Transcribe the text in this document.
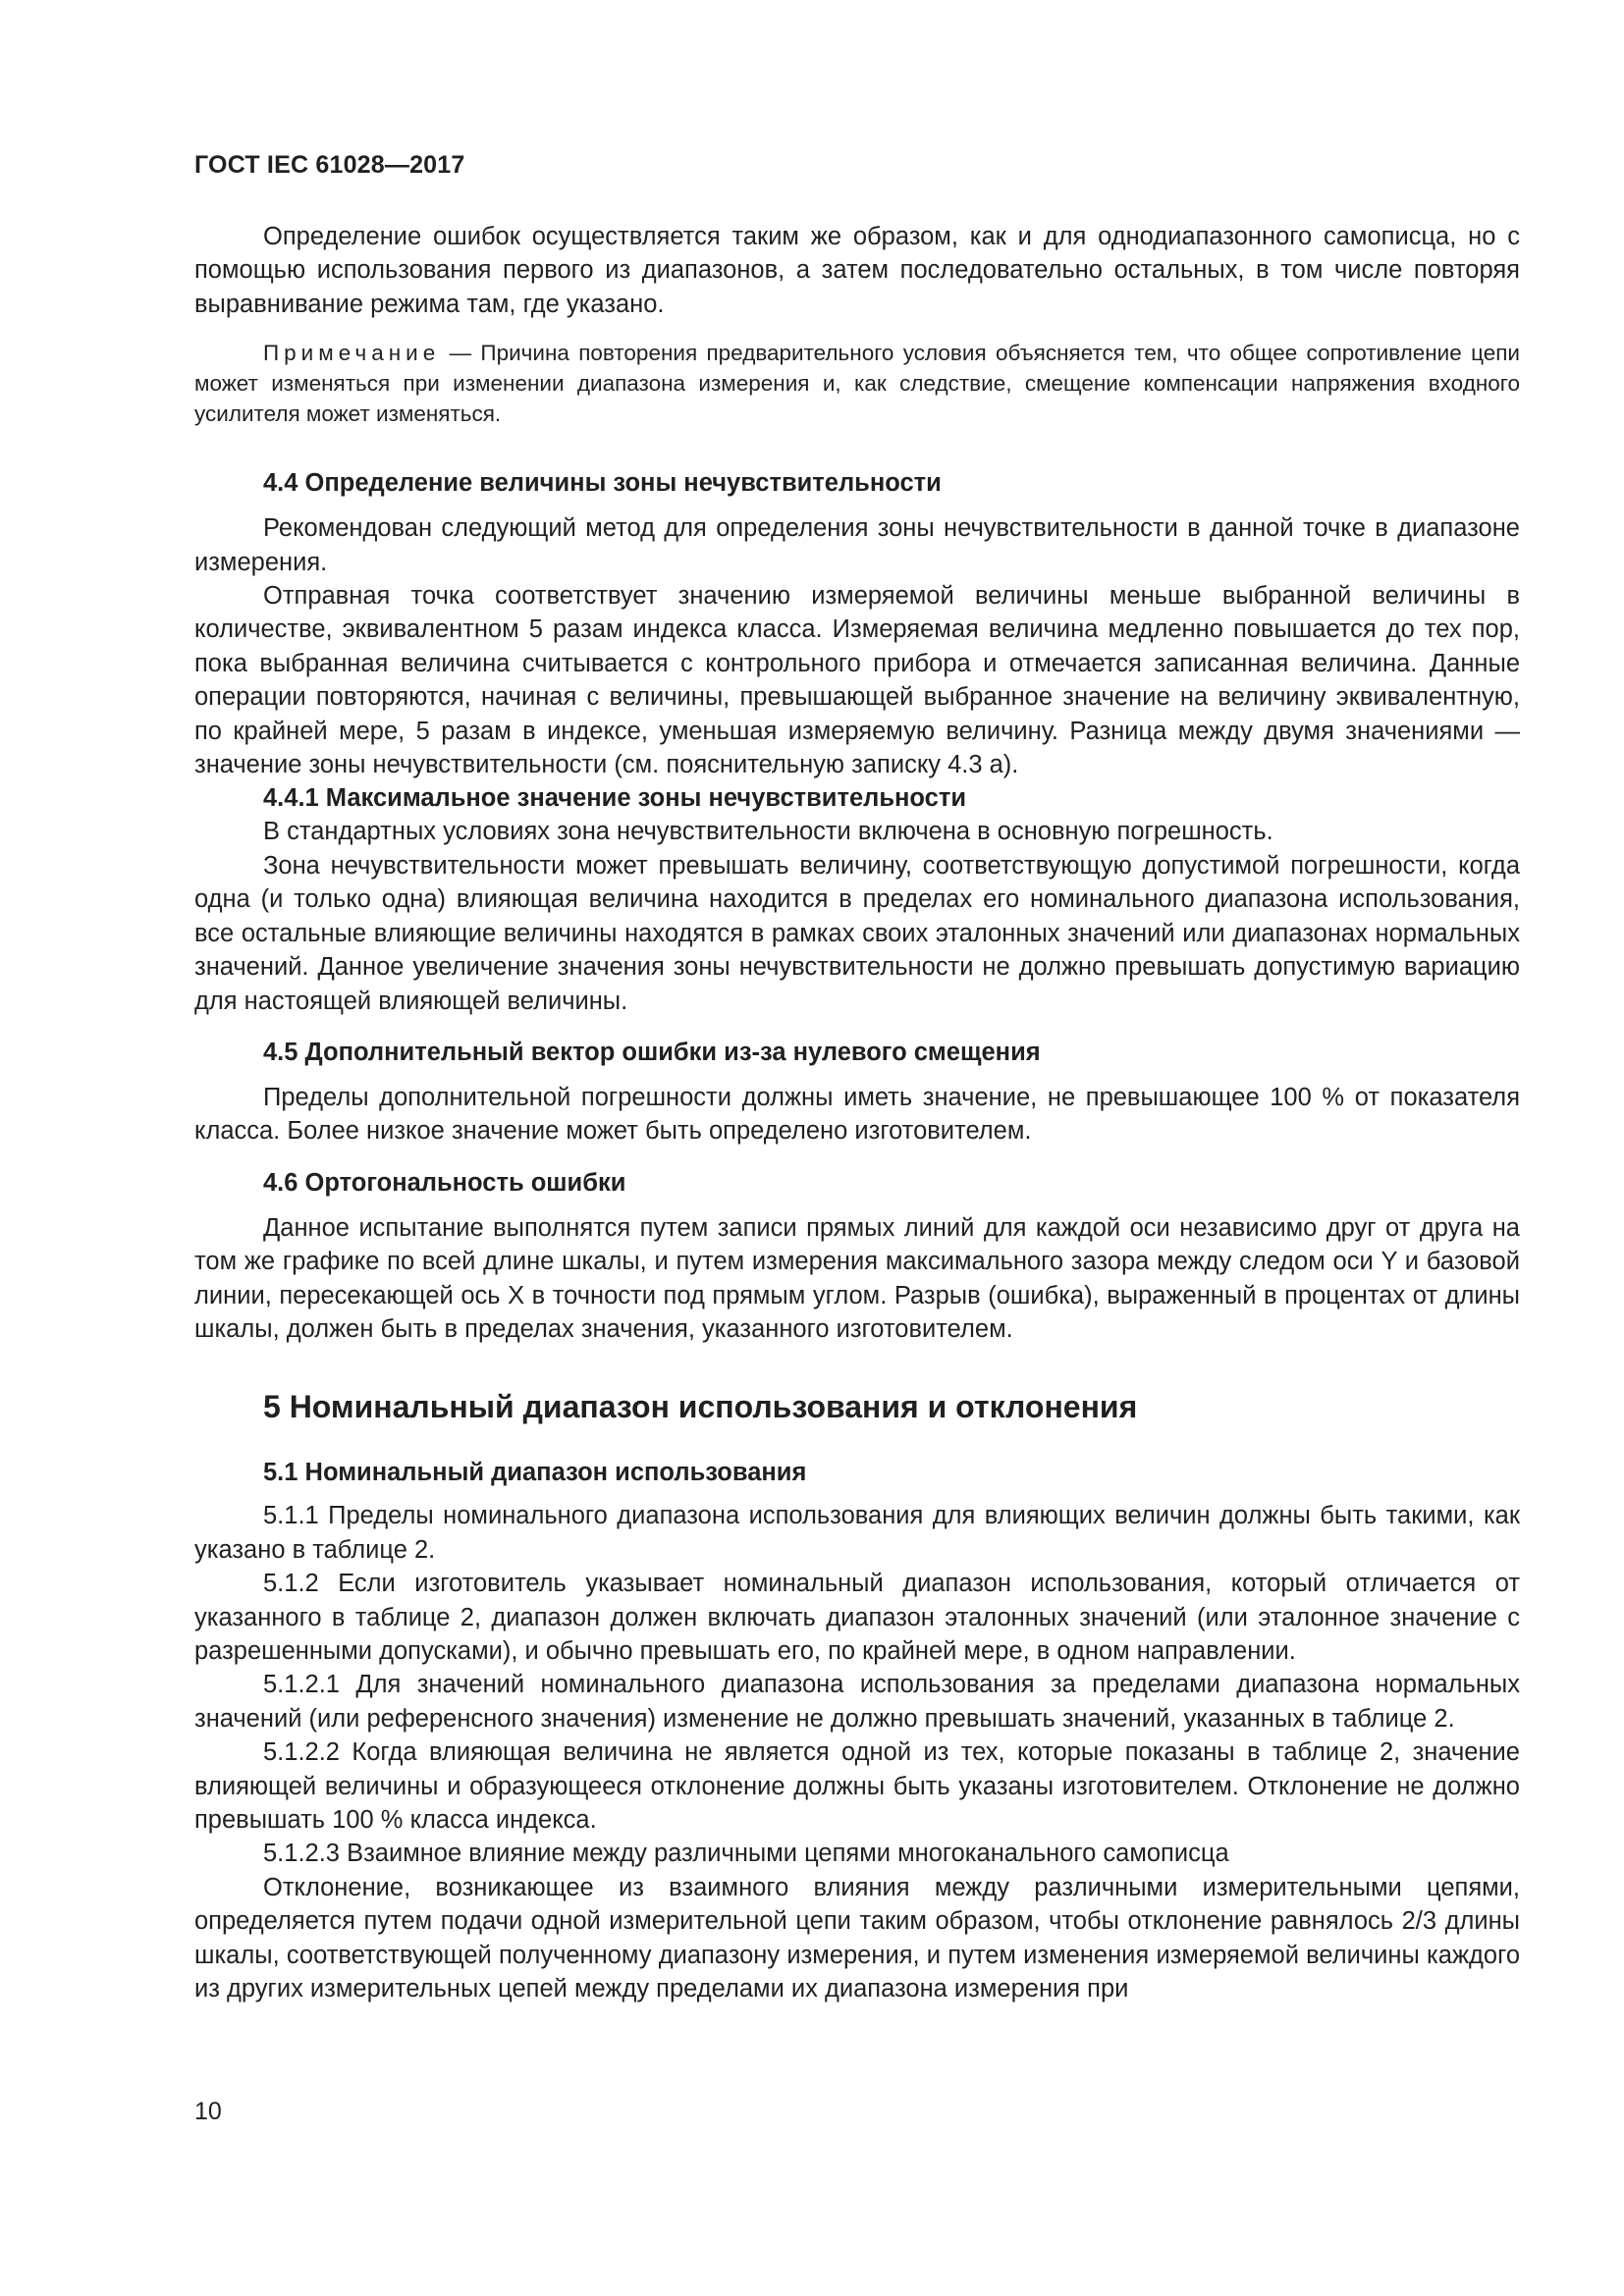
ГОСТ IEC 61028—2017

Определение ошибок осуществляется таким же образом, как и для однодиапазонного самописца, но с помощью использования первого из диапазонов, а затем последовательно остальных, в том числе повторяя выравнивание режима там, где указано.

Примечание — Причина повторения предварительного условия объясняется тем, что общее сопротивление цепи может изменяться при изменении диапазона измерения и, как следствие, смещение компенсации напряжения входного усилителя может изменяться.

4.4 Определение величины зоны нечувствительности

Рекомендован следующий метод для определения зоны нечувствительности в данной точке в диапазоне измерения.

Отправная точка соответствует значению измеряемой величины меньше выбранной величины в количестве, эквивалентном 5 разам индекса класса. Измеряемая величина медленно повышается до тех пор, пока выбранная величина считывается с контрольного прибора и отмечается записанная величина. Данные операции повторяются, начиная с величины, превышающей выбранное значение на величину эквивалентную, по крайней мере, 5 разам в индексе, уменьшая измеряемую величину. Разница между двумя значениями — значение зоны нечувствительности (см. пояснительную записку 4.3 а).

4.4.1 Максимальное значение зоны нечувствительности

В стандартных условиях зона нечувствительности включена в основную погрешность.

Зона нечувствительности может превышать величину, соответствующую допустимой погрешности, когда одна (и только одна) влияющая величина находится в пределах его номинального диапазона использования, все остальные влияющие величины находятся в рамках своих эталонных значений или диапазонах нормальных значений. Данное увеличение значения зоны нечувствительности не должно превышать допустимую вариацию для настоящей влияющей величины.

4.5 Дополнительный вектор ошибки из-за нулевого смещения

Пределы дополнительной погрешности должны иметь значение, не превышающее 100 % от показателя класса. Более низкое значение может быть определено изготовителем.

4.6 Ортогональность ошибки

Данное испытание выполнятся путем записи прямых линий для каждой оси независимо друг от друга на том же графике по всей длине шкалы, и путем измерения максимального зазора между следом оси Y и базовой линии, пересекающей ось X в точности под прямым углом. Разрыв (ошибка), выраженный в процентах от длины шкалы, должен быть в пределах значения, указанного изготовителем.

5 Номинальный диапазон использования и отклонения
5.1 Номинальный диапазон использования

5.1.1 Пределы номинального диапазона использования для влияющих величин должны быть такими, как указано в таблице 2.

5.1.2 Если изготовитель указывает номинальный диапазон использования, который отличается от указанного в таблице 2, диапазон должен включать диапазон эталонных значений (или эталонное значение с разрешенными допусками), и обычно превышать его, по крайней мере, в одном направлении.

5.1.2.1 Для значений номинального диапазона использования за пределами диапазона нормальных значений (или референсного значения) изменение не должно превышать значений, указанных в таблице 2.

5.1.2.2 Когда влияющая величина не является одной из тех, которые показаны в таблице 2, значение влияющей величины и образующееся отклонение должны быть указаны изготовителем. Отклонение не должно превышать 100 % класса индекса.

5.1.2.3 Взаимное влияние между различными цепями многоканального самописца

Отклонение, возникающее из взаимного влияния между различными измерительными цепями, определяется путем подачи одной измерительной цепи таким образом, чтобы отклонение равнялось 2/3 длины шкалы, соответствующей полученному диапазону измерения, и путем изменения измеряемой величины каждого из других измерительных цепей между пределами их диапазона измерения при

10
